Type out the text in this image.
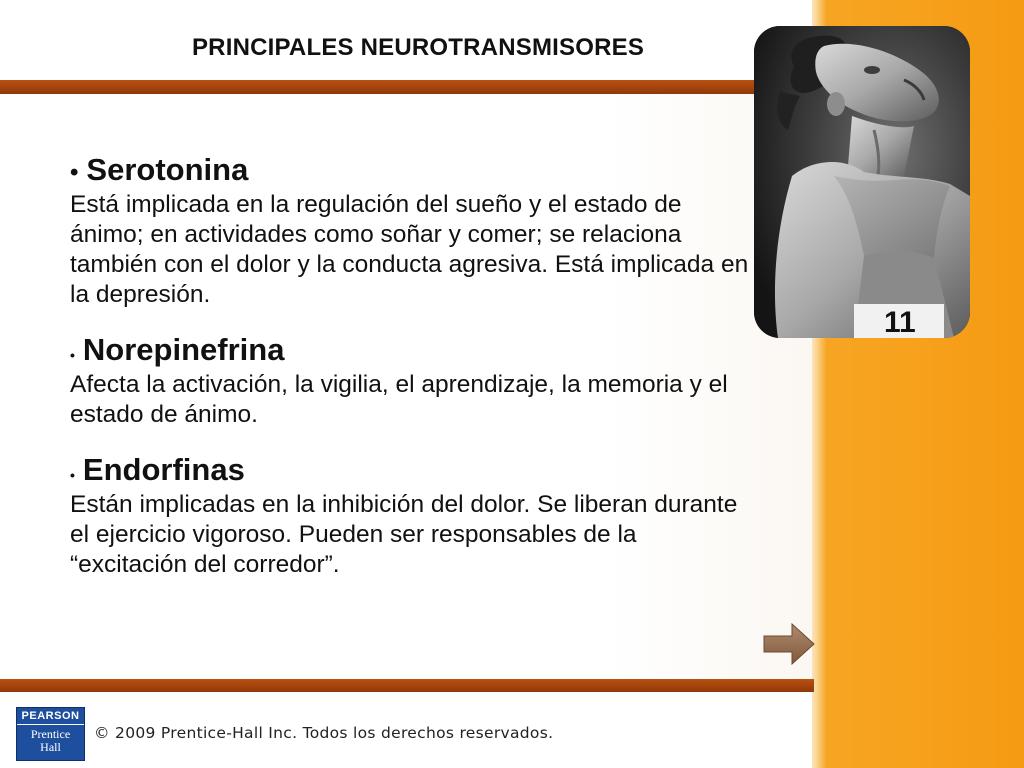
PRINCIPALES NEUROTRANSMISORES
11
• Serotonina
Está implicada en la regulación del sueño y el estado de ánimo; en actividades como soñar y comer; se relaciona también con el dolor y la conducta agresiva. Está implicada en la depresión.
• Norepinefrina
Afecta la activación, la vigilia, el aprendizaje, la memoria y el estado de ánimo.
• Endorfinas
Están implicadas en la inhibición del dolor. Se liberan durante el ejercicio vigoroso. Pueden ser responsables de la “excitación del corredor”.
PEARSON
Prentice
Hall
© 2009 Prentice-Hall Inc. Todos los derechos reservados.
